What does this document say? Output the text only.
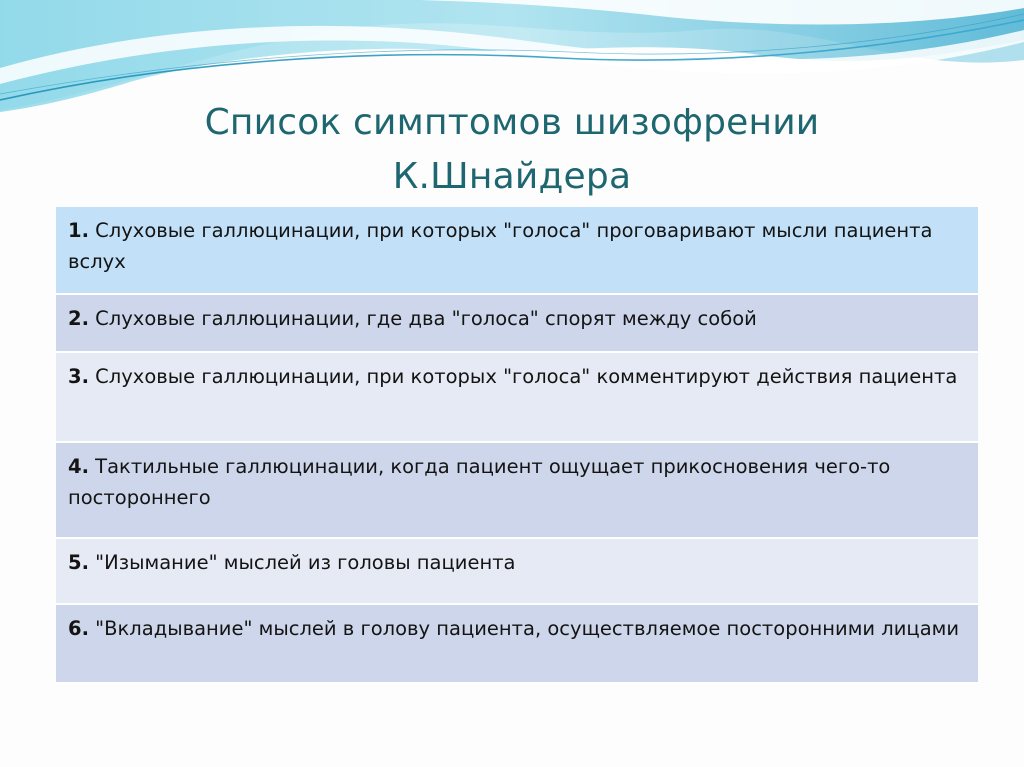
Список симптомов шизофрении
К.Шнайдера
1. Слуховые галлюцинации, при которых "голоса" проговаривают мысли пациента вслух
2. Слуховые галлюцинации, где два "голоса" спорят между собой
3. Слуховые галлюцинации, при которых "голоса" комментируют действия пациента
4. Тактильные галлюцинации, когда пациент ощущает прикосновения чего-то постороннего
5. "Изымание" мыслей из головы пациента
6. "Вкладывание" мыслей в голову пациента, осуществляемое посторонними лицами
